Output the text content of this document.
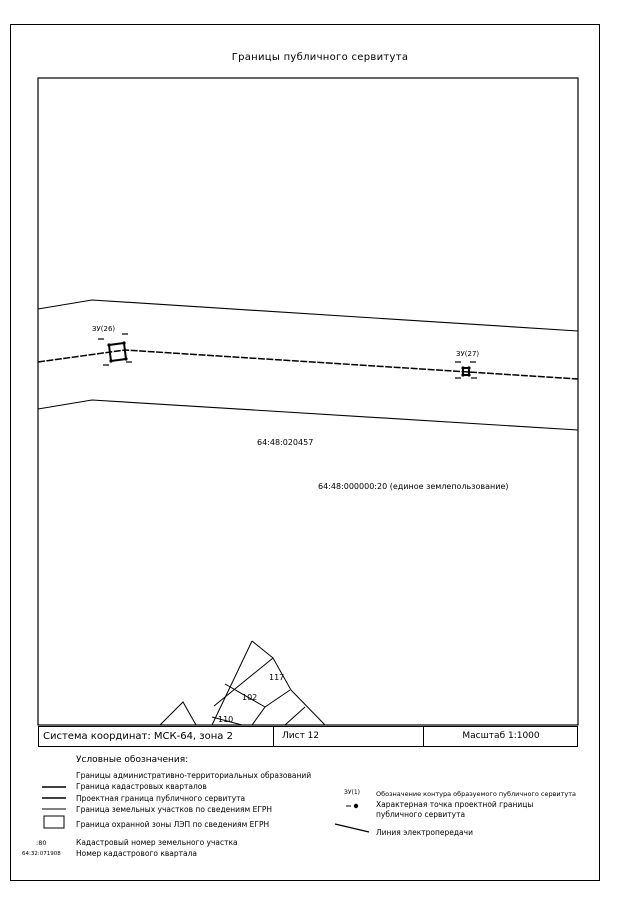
Границы публичного сервитута
ЗУ(26)
ЗУ(27)
64:48:020457
64:48:000000:20 (единое землепользование)
117
102
110
Система координат: МСК-64, зона 2	Лист 12	Масштаб 1:1000
Условные обозначения:
Границы административно-территориальных образований
Граница кадастровых кварталов
Проектная граница публичного сервитута
Граница земельных участков по сведениям ЕГРН
Граница охранной зоны ЛЭП по сведениям ЕГРН
:80	Кадастровый номер земельного участка
64:32:071908 Номер кадастрового квартала
ЗУ(1) Обозначение контура образуемого публичного сервитута
Характерная точка проектной границы публичного сервитута
Линия электропередачи
